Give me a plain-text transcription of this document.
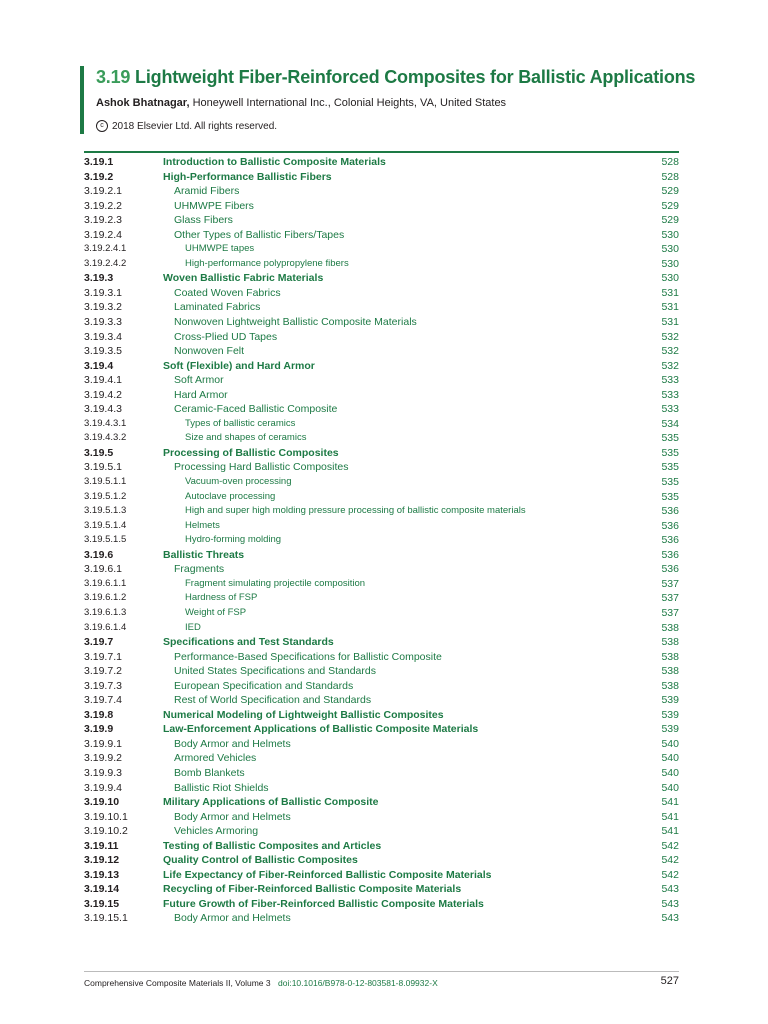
3.19 Lightweight Fiber-Reinforced Composites for Ballistic Applications
Ashok Bhatnagar, Honeywell International Inc., Colonial Heights, VA, United States
c 2018 Elsevier Ltd. All rights reserved.
3.19.1	Introduction to Ballistic Composite Materials	528
3.19.2	High-Performance Ballistic Fibers	528
3.19.2.1	Aramid Fibers	529
3.19.2.2	UHMWPE Fibers	529
3.19.2.3	Glass Fibers	529
3.19.2.4	Other Types of Ballistic Fibers/Tapes	530
3.19.2.4.1	UHMWPE tapes	530
3.19.2.4.2	High-performance polypropylene fibers	530
3.19.3	Woven Ballistic Fabric Materials	530
3.19.3.1	Coated Woven Fabrics	531
3.19.3.2	Laminated Fabrics	531
3.19.3.3	Nonwoven Lightweight Ballistic Composite Materials	531
3.19.3.4	Cross-Plied UD Tapes	532
3.19.3.5	Nonwoven Felt	532
3.19.4	Soft (Flexible) and Hard Armor	532
3.19.4.1	Soft Armor	533
3.19.4.2	Hard Armor	533
3.19.4.3	Ceramic-Faced Ballistic Composite	533
3.19.4.3.1	Types of ballistic ceramics	534
3.19.4.3.2	Size and shapes of ceramics	535
3.19.5	Processing of Ballistic Composites	535
3.19.5.1	Processing Hard Ballistic Composites	535
3.19.5.1.1	Vacuum-oven processing	535
3.19.5.1.2	Autoclave processing	535
3.19.5.1.3	High and super high molding pressure processing of ballistic composite materials	536
3.19.5.1.4	Helmets	536
3.19.5.1.5	Hydro-forming molding	536
3.19.6	Ballistic Threats	536
3.19.6.1	Fragments	536
3.19.6.1.1	Fragment simulating projectile composition	537
3.19.6.1.2	Hardness of FSP	537
3.19.6.1.3	Weight of FSP	537
3.19.6.1.4	IED	538
3.19.7	Specifications and Test Standards	538
3.19.7.1	Performance-Based Specifications for Ballistic Composite	538
3.19.7.2	United States Specifications and Standards	538
3.19.7.3	European Specification and Standards	538
3.19.7.4	Rest of World Specification and Standards	539
3.19.8	Numerical Modeling of Lightweight Ballistic Composites	539
3.19.9	Law-Enforcement Applications of Ballistic Composite Materials	539
3.19.9.1	Body Armor and Helmets	540
3.19.9.2	Armored Vehicles	540
3.19.9.3	Bomb Blankets	540
3.19.9.4	Ballistic Riot Shields	540
3.19.10	Military Applications of Ballistic Composite	541
3.19.10.1	Body Armor and Helmets	541
3.19.10.2	Vehicles Armoring	541
3.19.11	Testing of Ballistic Composites and Articles	542
3.19.12	Quality Control of Ballistic Composites	542
3.19.13	Life Expectancy of Fiber-Reinforced Ballistic Composite Materials	542
3.19.14	Recycling of Fiber-Reinforced Ballistic Composite Materials	543
3.19.15	Future Growth of Fiber-Reinforced Ballistic Composite Materials	543
3.19.15.1	Body Armor and Helmets	543
Comprehensive Composite Materials II, Volume 3 doi:10.1016/B978-0-12-803581-8.09932-X	527
